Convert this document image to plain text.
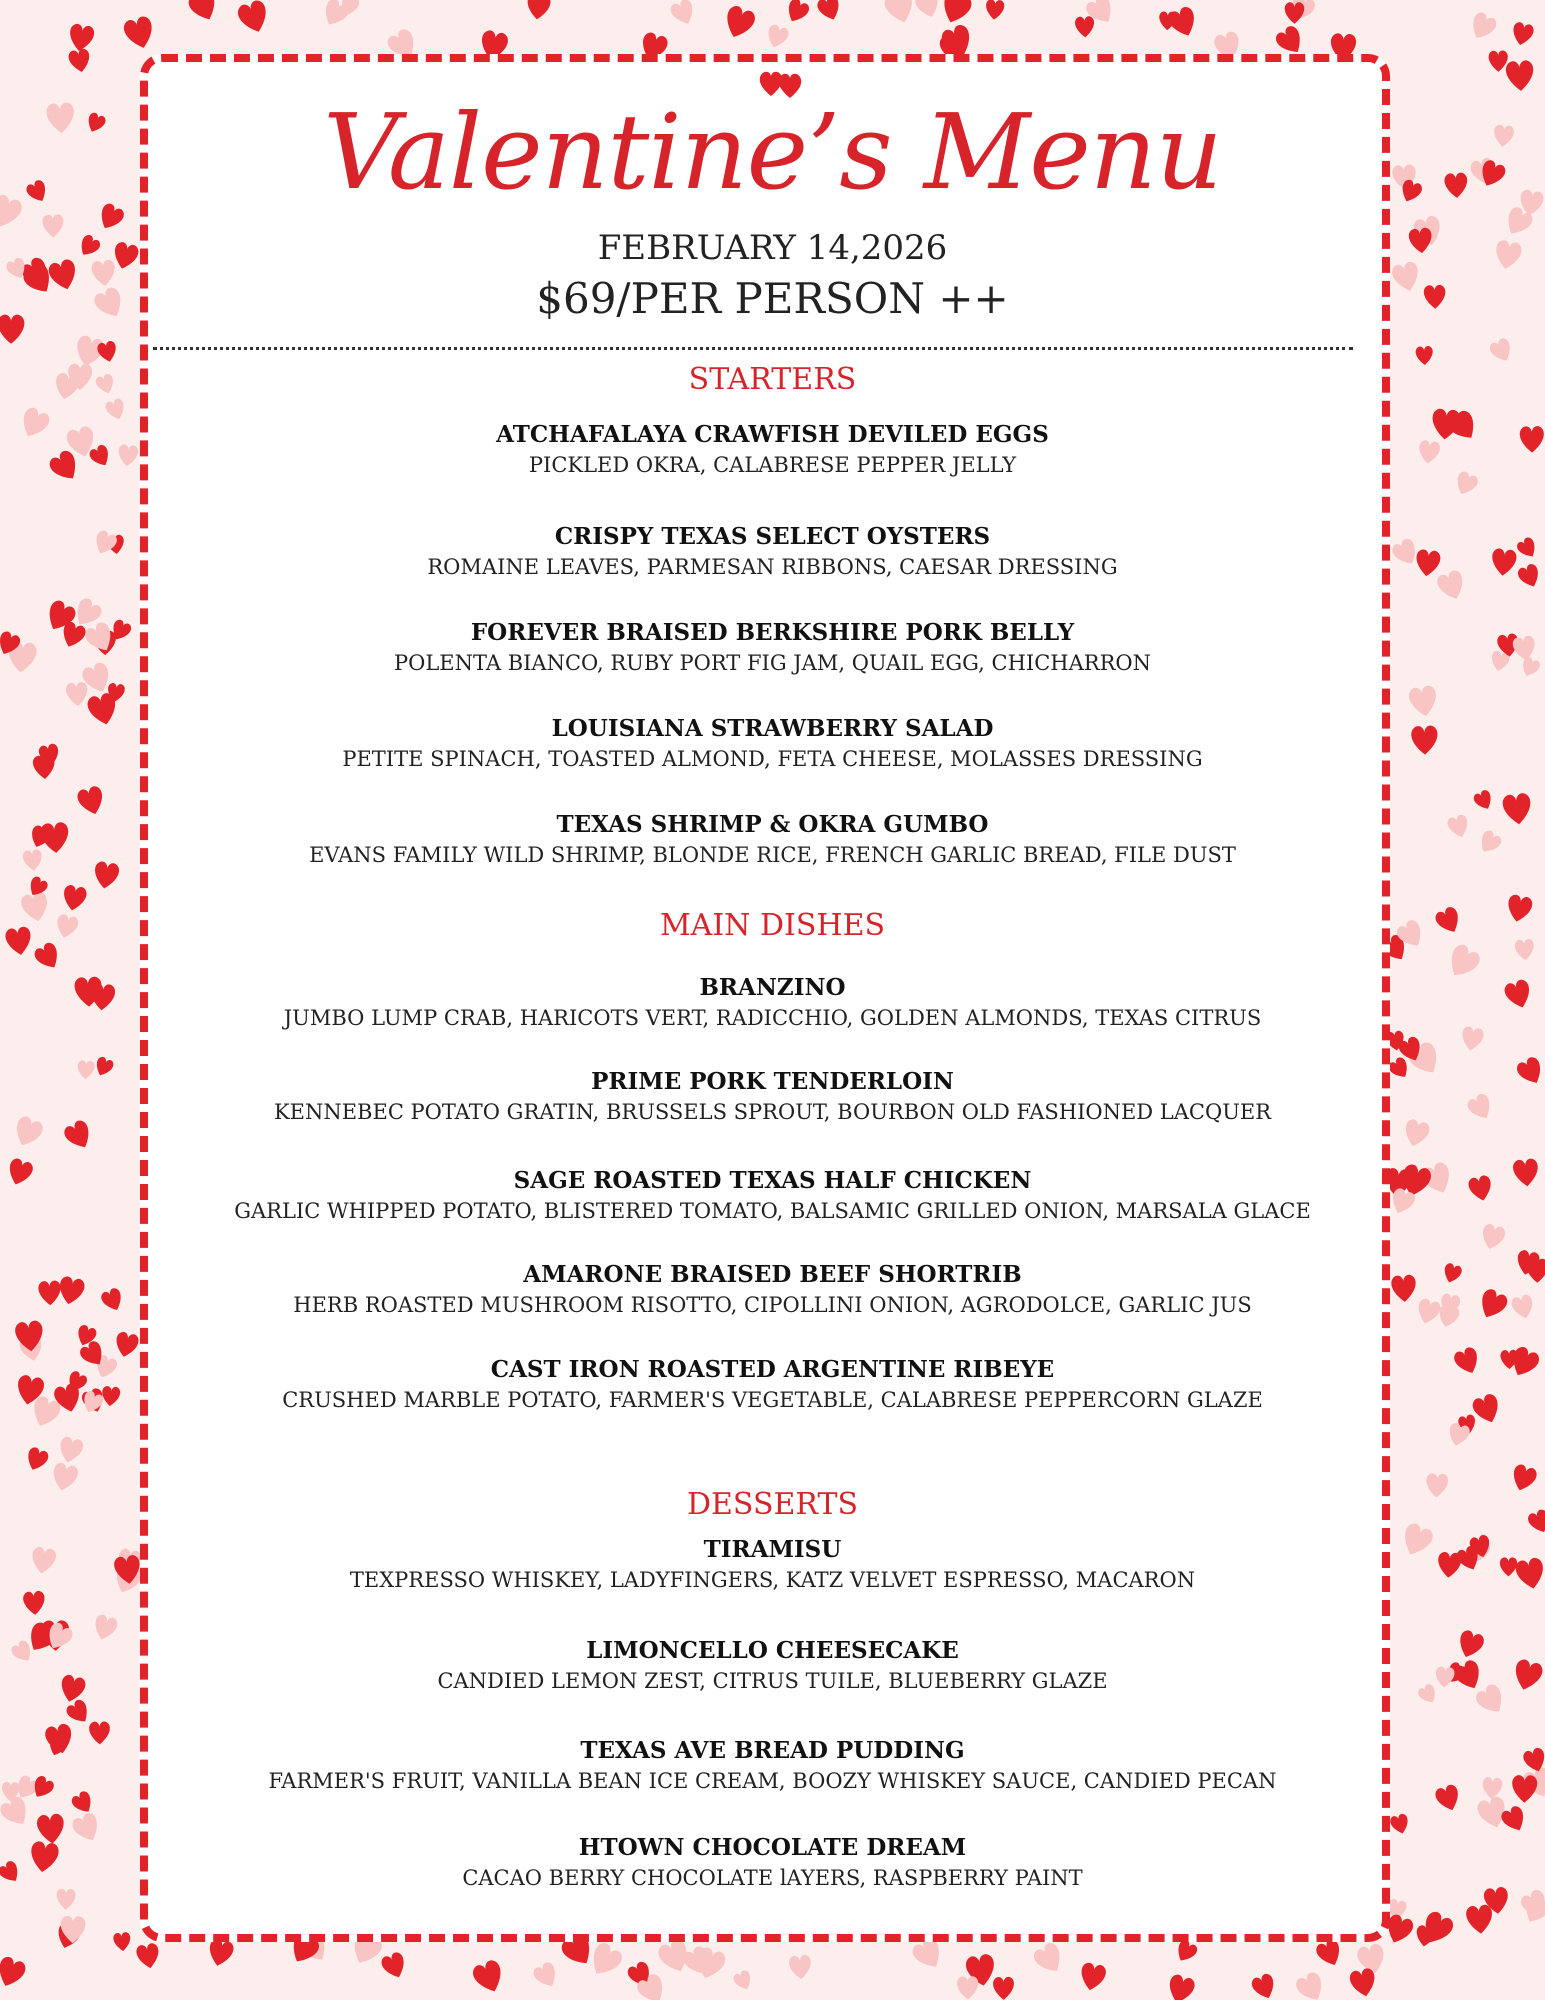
Valentine’s Menu
FEBRUARY 14,2026
$69/PER PERSON ++
STARTERS
ATCHAFALAYA CRAWFISH DEVILED EGGS
PICKLED OKRA, CALABRESE PEPPER JELLY
CRISPY TEXAS SELECT OYSTERS
ROMAINE LEAVES, PARMESAN RIBBONS, CAESAR DRESSING
FOREVER BRAISED BERKSHIRE PORK BELLY
POLENTA BIANCO, RUBY PORT FIG JAM, QUAIL EGG, CHICHARRON
LOUISIANA STRAWBERRY SALAD
PETITE SPINACH, TOASTED ALMOND, FETA CHEESE, MOLASSES DRESSING
TEXAS SHRIMP & OKRA GUMBO
EVANS FAMILY WILD SHRIMP, BLONDE RICE, FRENCH GARLIC BREAD, FILE DUST
MAIN DISHES
BRANZINO
JUMBO LUMP CRAB, HARICOTS VERT, RADICCHIO, GOLDEN ALMONDS, TEXAS CITRUS
PRIME PORK TENDERLOIN
KENNEBEC POTATO GRATIN, BRUSSELS SPROUT, BOURBON OLD FASHIONED LACQUER
SAGE ROASTED TEXAS HALF CHICKEN
GARLIC WHIPPED POTATO, BLISTERED TOMATO, BALSAMIC GRILLED ONION, MARSALA GLACE
AMARONE BRAISED BEEF SHORTRIB
HERB ROASTED MUSHROOM RISOTTO, CIPOLLINI ONION, AGRODOLCE, GARLIC JUS
CAST IRON ROASTED ARGENTINE RIBEYE
CRUSHED MARBLE POTATO, FARMER'S VEGETABLE, CALABRESE PEPPERCORN GLAZE
DESSERTS
TIRAMISU
TEXPRESSO WHISKEY, LADYFINGERS, KATZ VELVET ESPRESSO, MACARON
LIMONCELLO CHEESECAKE
CANDIED LEMON ZEST, CITRUS TUILE, BLUEBERRY GLAZE
TEXAS AVE BREAD PUDDING
FARMER'S FRUIT, VANILLA BEAN ICE CREAM, BOOZY WHISKEY SAUCE, CANDIED PECAN
HTOWN CHOCOLATE DREAM
CACAO BERRY CHOCOLATE lAYERS, RASPBERRY PAINT
